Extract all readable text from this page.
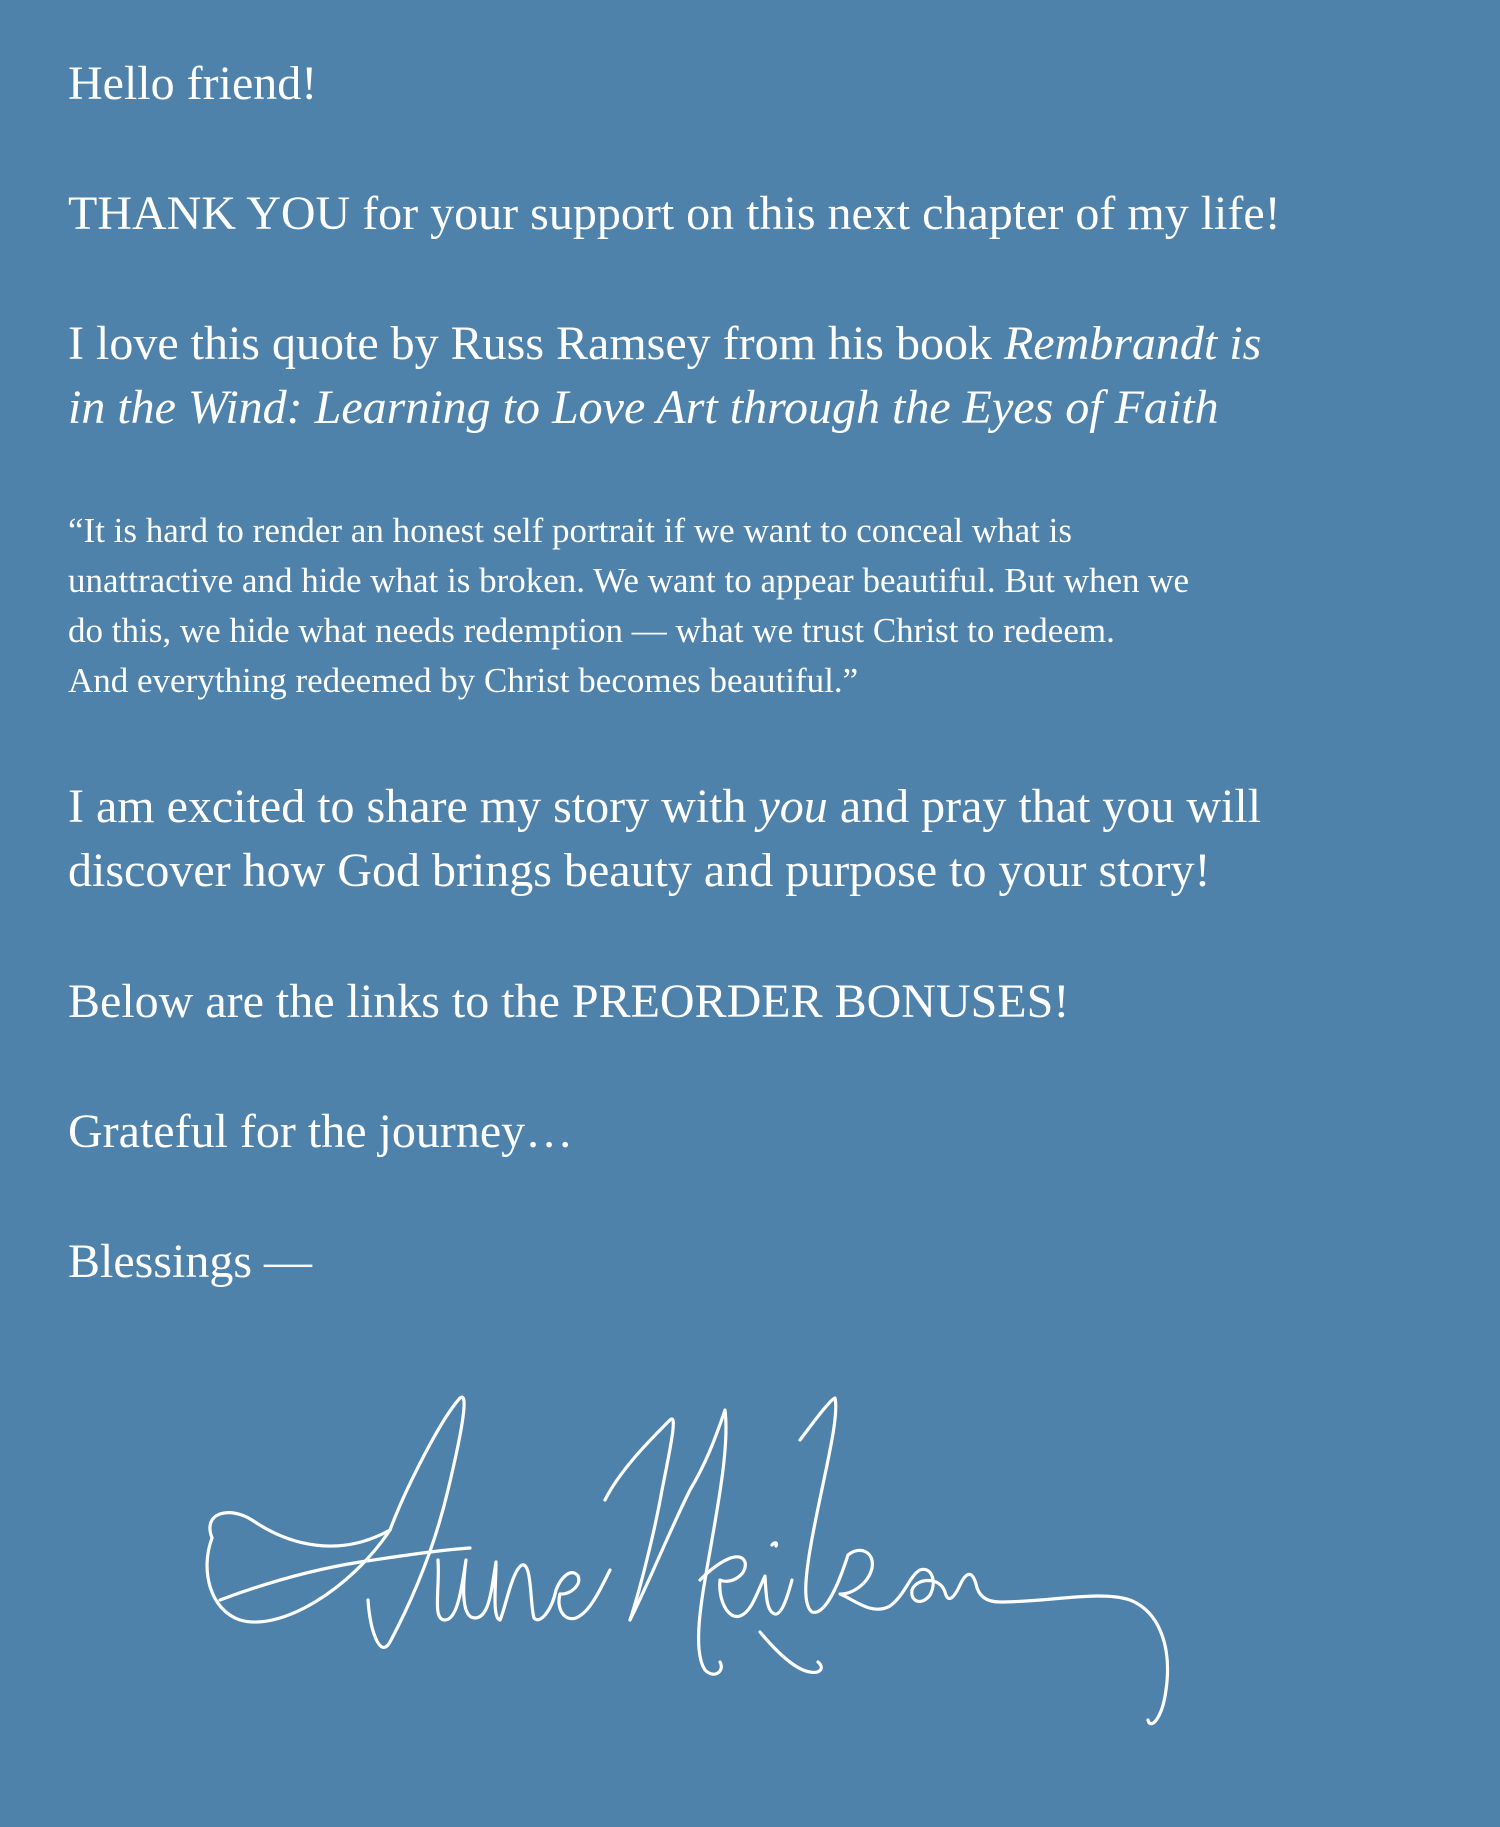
Hello friend!

THANK YOU for your support on this next chapter of my life!

I love this quote by Russ Ramsey from his book Rembrandt is

in the Wind: Learning to Love Art through the Eyes of Faith

“It is hard to render an honest self portrait if we want to conceal what is

unattractive and hide what is broken. We want to appear beautiful. But when we

do this, we hide what needs redemption — what we trust Christ to redeem.

And everything redeemed by Christ becomes beautiful.”

I am excited to share my story with you and pray that you will

discover how God brings beauty and purpose to your story!

Below are the links to the PREORDER BONUSES!

Grateful for the journey…

Blessings —
